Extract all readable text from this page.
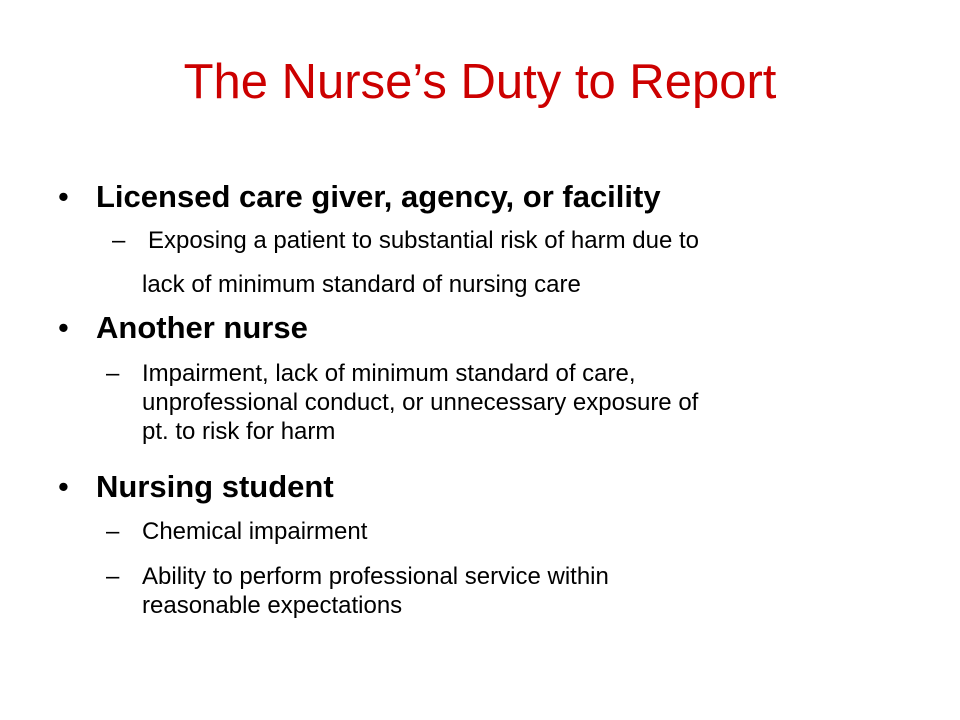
The Nurse’s Duty to Report
• Licensed care giver, agency, or facility
– Exposing a patient to substantial risk of harm due to
lack of minimum standard of nursing care
• Another nurse
– Impairment, lack of minimum standard of care,
unprofessional conduct, or unnecessary exposure of
pt. to risk for harm
• Nursing student
– Chemical impairment
– Ability to perform professional service within
reasonable expectations
